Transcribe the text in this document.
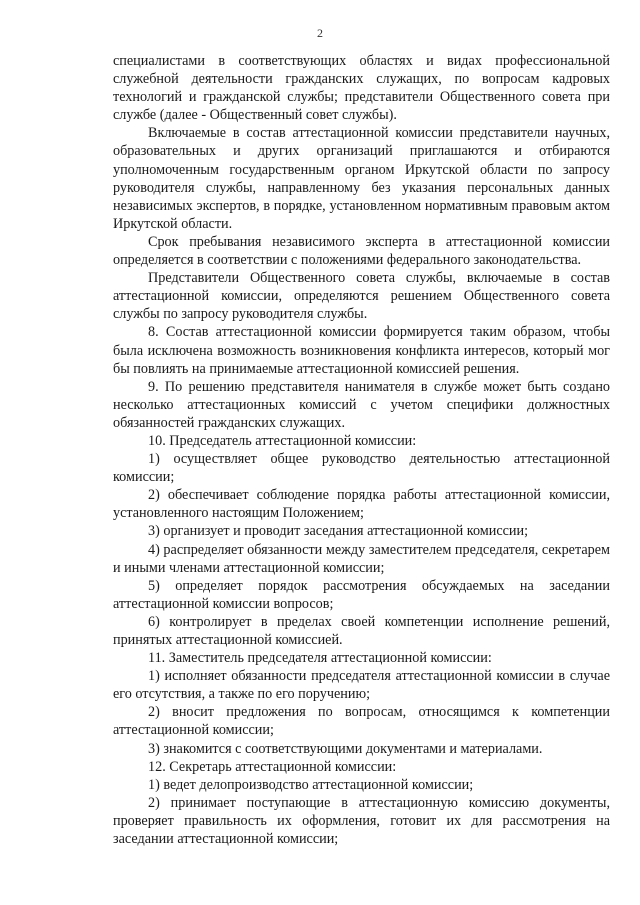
2

специалистами в соответствующих областях и видах профессиональной служебной деятельности гражданских служащих, по вопросам кадровых технологий и гражданской службы; представители Общественного совета при службе (далее - Общественный совет службы).

Включаемые в состав аттестационной комиссии представители научных, образовательных и других организаций приглашаются и отбираются уполномоченным государственным органом Иркутской области по запросу руководителя службы, направленному без указания персональных данных независимых экспертов, в порядке, установленном нормативным правовым актом Иркутской области.

Срок пребывания независимого эксперта в аттестационной комиссии определяется в соответствии с положениями федерального законодательства.

Представители Общественного совета службы, включаемые в состав аттестационной комиссии, определяются решением Общественного совета службы по запросу руководителя службы.

8. Состав аттестационной комиссии формируется таким образом, чтобы была исключена возможность возникновения конфликта интересов, который мог бы повлиять на принимаемые аттестационной комиссией решения.

9. По решению представителя нанимателя в службе может быть создано несколько аттестационных комиссий с учетом специфики должностных обязанностей гражданских служащих.

10. Председатель аттестационной комиссии:

1) осуществляет общее руководство деятельностью аттестационной комиссии;

2) обеспечивает соблюдение порядка работы аттестационной комиссии, установленного настоящим Положением;

3) организует и проводит заседания аттестационной комиссии;

4) распределяет обязанности между заместителем председателя, секретарем и иными членами аттестационной комиссии;

5) определяет порядок рассмотрения обсуждаемых на заседании аттестационной комиссии вопросов;

6) контролирует в пределах своей компетенции исполнение решений, принятых аттестационной комиссией.

11. Заместитель председателя аттестационной комиссии:

1) исполняет обязанности председателя аттестационной комиссии в случае его отсутствия, а также по его поручению;

2) вносит предложения по вопросам, относящимся к компетенции аттестационной комиссии;

3) знакомится с соответствующими документами и материалами.

12. Секретарь аттестационной комиссии:

1) ведет делопроизводство аттестационной комиссии;

2) принимает поступающие в аттестационную комиссию документы, проверяет правильность их оформления, готовит их для рассмотрения на заседании аттестационной комиссии;
